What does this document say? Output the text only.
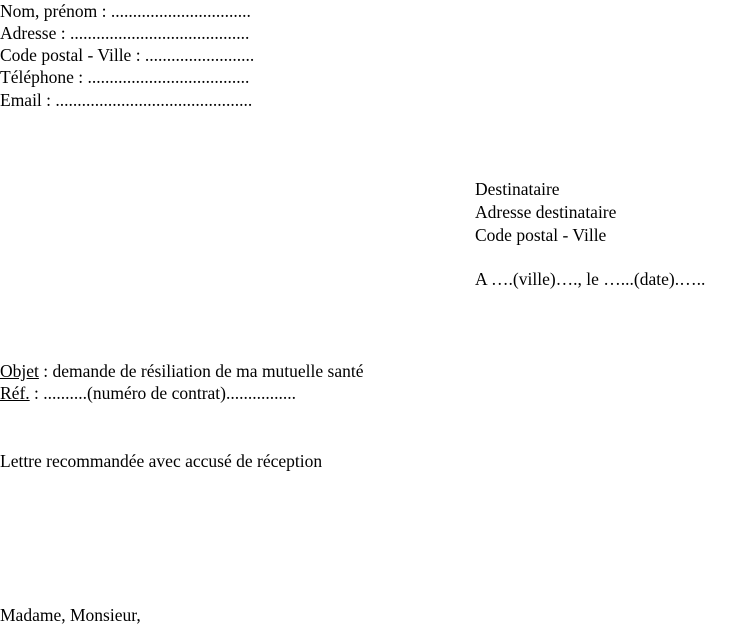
Nom, prénom : ................................
Adresse : .........................................
Code postal - Ville : .........................
Téléphone : .....................................
Email : .............................................
Destinataire
Adresse destinataire
Code postal - Ville
A ….(ville)…., le …...(date).…..
Objet : demande de résiliation de ma mutuelle santé
Réf. : ..........(numéro de contrat)................
Lettre recommandée avec accusé de réception
Madame, Monsieur,
